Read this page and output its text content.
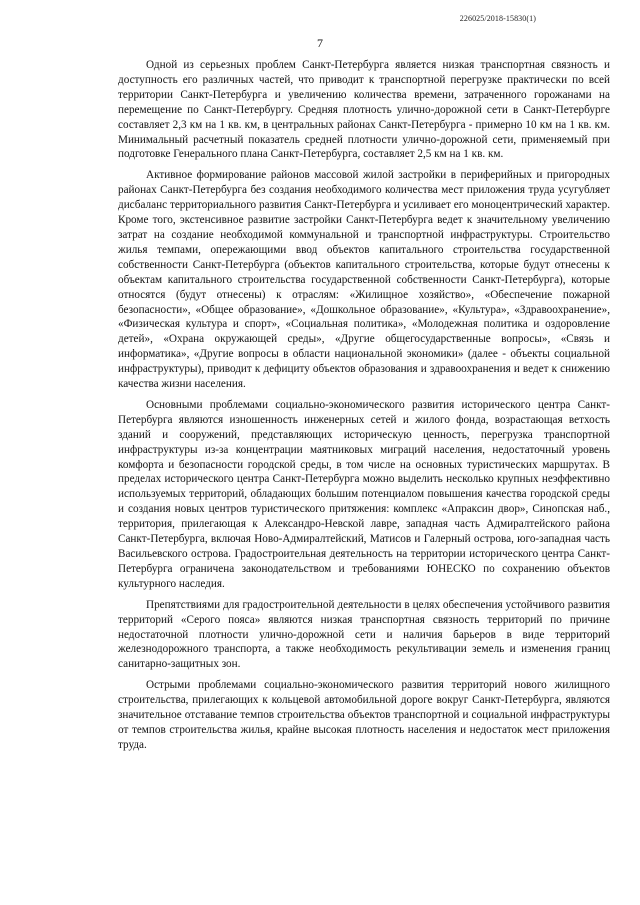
226025/2018-15830(1)
7

Одной из серьезных проблем Санкт-Петербурга является низкая транспортная связность и доступность его различных частей, что приводит к транспортной перегрузке практически по всей территории Санкт-Петербурга и увеличению количества времени, затраченного горожанами на перемещение по Санкт-Петербургу. Средняя плотность улично-дорожной сети в Санкт-Петербурге составляет 2,3 км на 1 кв. км, в центральных районах Санкт-Петербурга - примерно 10 км на 1 кв. км. Минимальный расчетный показатель средней плотности улично-дорожной сети, применяемый при подготовке Генерального плана Санкт-Петербурга, составляет 2,5 км на 1 кв. км.

Активное формирование районов массовой жилой застройки в периферийных и пригородных районах Санкт-Петербурга без создания необходимого количества мест приложения труда усугубляет дисбаланс территориального развития Санкт-Петербурга и усиливает его моноцентрический характер. Кроме того, экстенсивное развитие застройки Санкт-Петербурга ведет к значительному увеличению затрат на создание необходимой коммунальной и транспортной инфраструктуры. Строительство жилья темпами, опережающими ввод объектов капитального строительства государственной собственности Санкт-Петербурга (объектов капитального строительства, которые будут отнесены к объектам капитального строительства государственной собственности Санкт-Петербурга), которые относятся (будут отнесены) к отраслям: «Жилищное хозяйство», «Обеспечение пожарной безопасности», «Общее образование», «Дошкольное образование», «Культура», «Здравоохранение», «Физическая культура и спорт», «Социальная политика», «Молодежная политика и оздоровление детей», «Охрана окружающей среды», «Другие общегосударственные вопросы», «Связь и информатика», «Другие вопросы в области национальной экономики» (далее - объекты социальной инфраструктуры), приводит к дефициту объектов образования и здравоохранения и ведет к снижению качества жизни населения.

Основными проблемами социально-экономического развития исторического центра Санкт-Петербурга являются изношенность инженерных сетей и жилого фонда, возрастающая ветхость зданий и сооружений, представляющих историческую ценность, перегрузка транспортной инфраструктуры из-за концентрации маятниковых миграций населения, недостаточный уровень комфорта и безопасности городской среды, в том числе на основных туристических маршрутах. В пределах исторического центра Санкт-Петербурга можно выделить несколько крупных неэффективно используемых территорий, обладающих большим потенциалом повышения качества городской среды и создания новых центров туристического притяжения: комплекс «Апраксин двор», Синопская наб., территория, прилегающая к Александро-Невской лавре, западная часть Адмиралтейского района Санкт-Петербурга, включая Ново-Адмиралтейский, Матисов и Галерный острова, юго-западная часть Васильевского острова. Градостроительная деятельность на территории исторического центра Санкт-Петербурга ограничена законодательством и требованиями ЮНЕСКО по сохранению объектов культурного наследия.

Препятствиями для градостроительной деятельности в целях обеспечения устойчивого развития территорий «Серого пояса» являются низкая транспортная связность территорий по причине недостаточной плотности улично-дорожной сети и наличия барьеров в виде территорий железнодорожного транспорта, а также необходимость рекультивации земель и изменения границ санитарно-защитных зон.

Острыми проблемами социально-экономического развития территорий нового жилищного строительства, прилегающих к кольцевой автомобильной дороге вокруг Санкт-Петербурга, являются значительное отставание темпов строительства объектов транспортной и социальной инфраструктуры от темпов строительства жилья, крайне высокая плотность населения и недостаток мест приложения труда.
